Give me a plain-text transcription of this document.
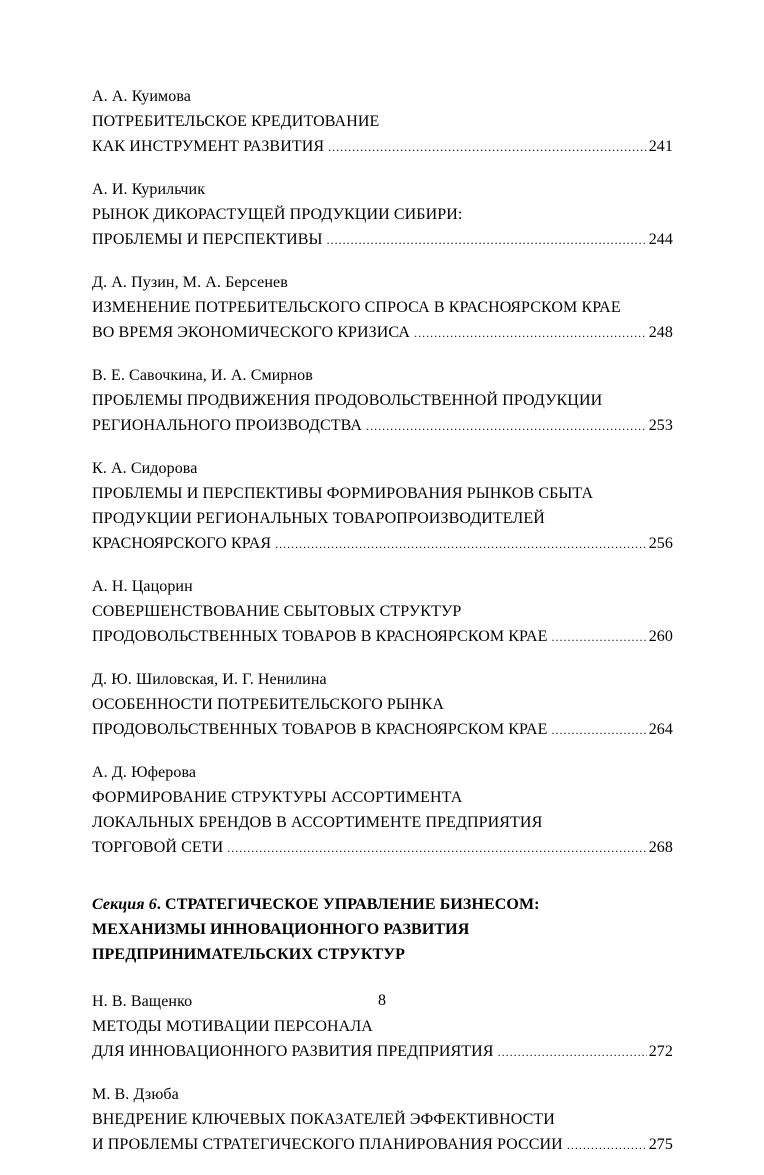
А. А. Куимова
ПОТРЕБИТЕЛЬСКОЕ КРЕДИТОВАНИЕ
КАК ИНСТРУМЕНТ РАЗВИТИЯ .....	241
А. И. Курильчик
РЫНОК ДИКОРАСТУЩЕЙ ПРОДУКЦИИ СИБИРИ:
ПРОБЛЕМЫ И ПЕРСПЕКТИВЫ .....	244
Д. А. Пузин, М. А. Берсенев
ИЗМЕНЕНИЕ ПОТРЕБИТЕЛЬСКОГО СПРОСА В КРАСНОЯРСКОМ КРАЕ
ВО ВРЕМЯ ЭКОНОМИЧЕСКОГО КРИЗИСА .....	248
В. Е. Савочкина, И. А. Смирнов
ПРОБЛЕМЫ ПРОДВИЖЕНИЯ ПРОДОВОЛЬСТВЕННОЙ ПРОДУКЦИИ
РЕГИОНАЛЬНОГО ПРОИЗВОДСТВА .....	253
К. А. Сидорова
ПРОБЛЕМЫ И ПЕРСПЕКТИВЫ ФОРМИРОВАНИЯ РЫНКОВ СБЫТА
ПРОДУКЦИИ РЕГИОНАЛЬНЫХ ТОВАРОПРОИЗВОДИТЕЛЕЙ
КРАСНОЯРСКОГО КРАЯ .....	256
А. Н. Цацорин
СОВЕРШЕНСТВОВАНИЕ СБЫТОВЫХ СТРУКТУР
ПРОДОВОЛЬСТВЕННЫХ ТОВАРОВ В КРАСНОЯРСКОМ КРАЕ .....	260
Д. Ю. Шиловская, И. Г. Ненилина
ОСОБЕННОСТИ ПОТРЕБИТЕЛЬСКОГО РЫНКА
ПРОДОВОЛЬСТВЕННЫХ ТОВАРОВ В КРАСНОЯРСКОМ КРАЕ .....	264
А. Д. Юферова
ФОРМИРОВАНИЕ СТРУКТУРЫ АССОРТИМЕНТА
ЛОКАЛЬНЫХ БРЕНДОВ В АССОРТИМЕНТЕ ПРЕДПРИЯТИЯ
ТОРГОВОЙ СЕТИ .....	268
Секция 6. СТРАТЕГИЧЕСКОЕ УПРАВЛЕНИЕ БИЗНЕСОМ:
МЕХАНИЗМЫ ИННОВАЦИОННОГО РАЗВИТИЯ
ПРЕДПРИНИМАТЕЛЬСКИХ СТРУКТУР
Н. В. Ващенко
МЕТОДЫ МОТИВАЦИИ ПЕРСОНАЛА
ДЛЯ ИННОВАЦИОННОГО РАЗВИТИЯ ПРЕДПРИЯТИЯ .....	272
М. В. Дзюба
ВНЕДРЕНИЕ КЛЮЧЕВЫХ ПОКАЗАТЕЛЕЙ ЭФФЕКТИВНОСТИ
И ПРОБЛЕМЫ СТРАТЕГИЧЕСКОГО ПЛАНИРОВАНИЯ РОССИИ .....	275
8
